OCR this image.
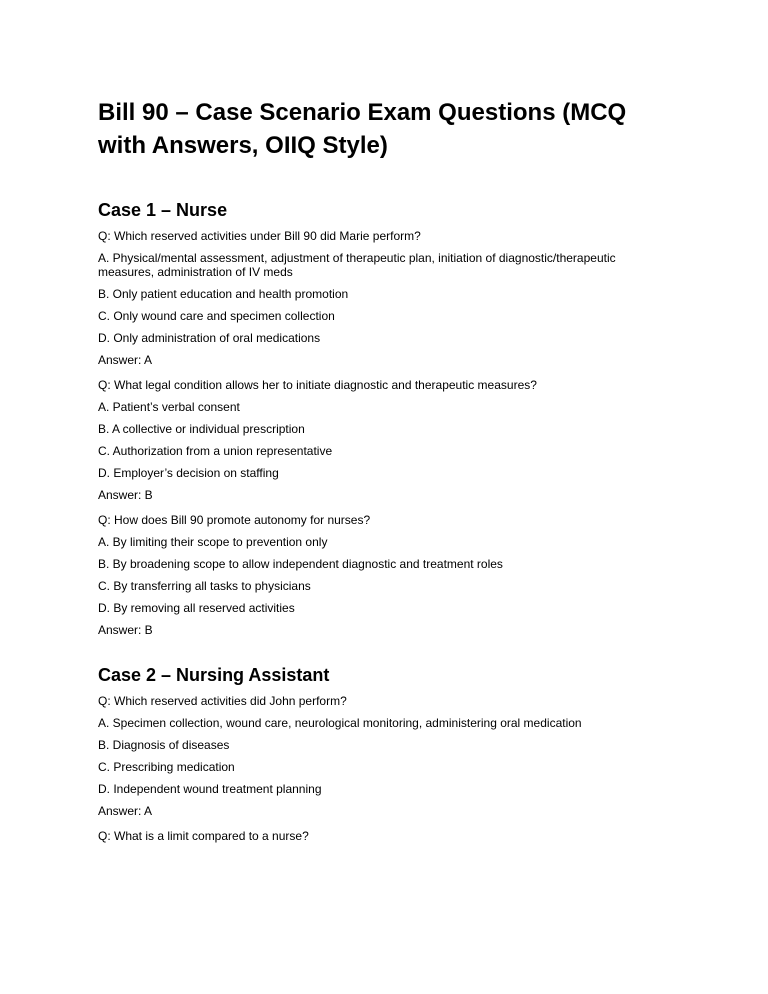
Bill 90 – Case Scenario Exam Questions (MCQ with Answers, OIIQ Style)
Case 1 – Nurse

Q: Which reserved activities under Bill 90 did Marie perform?

A. Physical/mental assessment, adjustment of therapeutic plan, initiation of diagnostic/therapeutic measures, administration of IV meds

B. Only patient education and health promotion

C. Only wound care and specimen collection

D. Only administration of oral medications

Answer: A

Q: What legal condition allows her to initiate diagnostic and therapeutic measures?

A. Patient’s verbal consent

B. A collective or individual prescription

C. Authorization from a union representative

D. Employer’s decision on staffing

Answer: B

Q: How does Bill 90 promote autonomy for nurses?

A. By limiting their scope to prevention only

B. By broadening scope to allow independent diagnostic and treatment roles

C. By transferring all tasks to physicians

D. By removing all reserved activities

Answer: B

Case 2 – Nursing Assistant

Q: Which reserved activities did John perform?

A. Specimen collection, wound care, neurological monitoring, administering oral medication

B. Diagnosis of diseases

C. Prescribing medication

D. Independent wound treatment planning

Answer: A

Q: What is a limit compared to a nurse?
